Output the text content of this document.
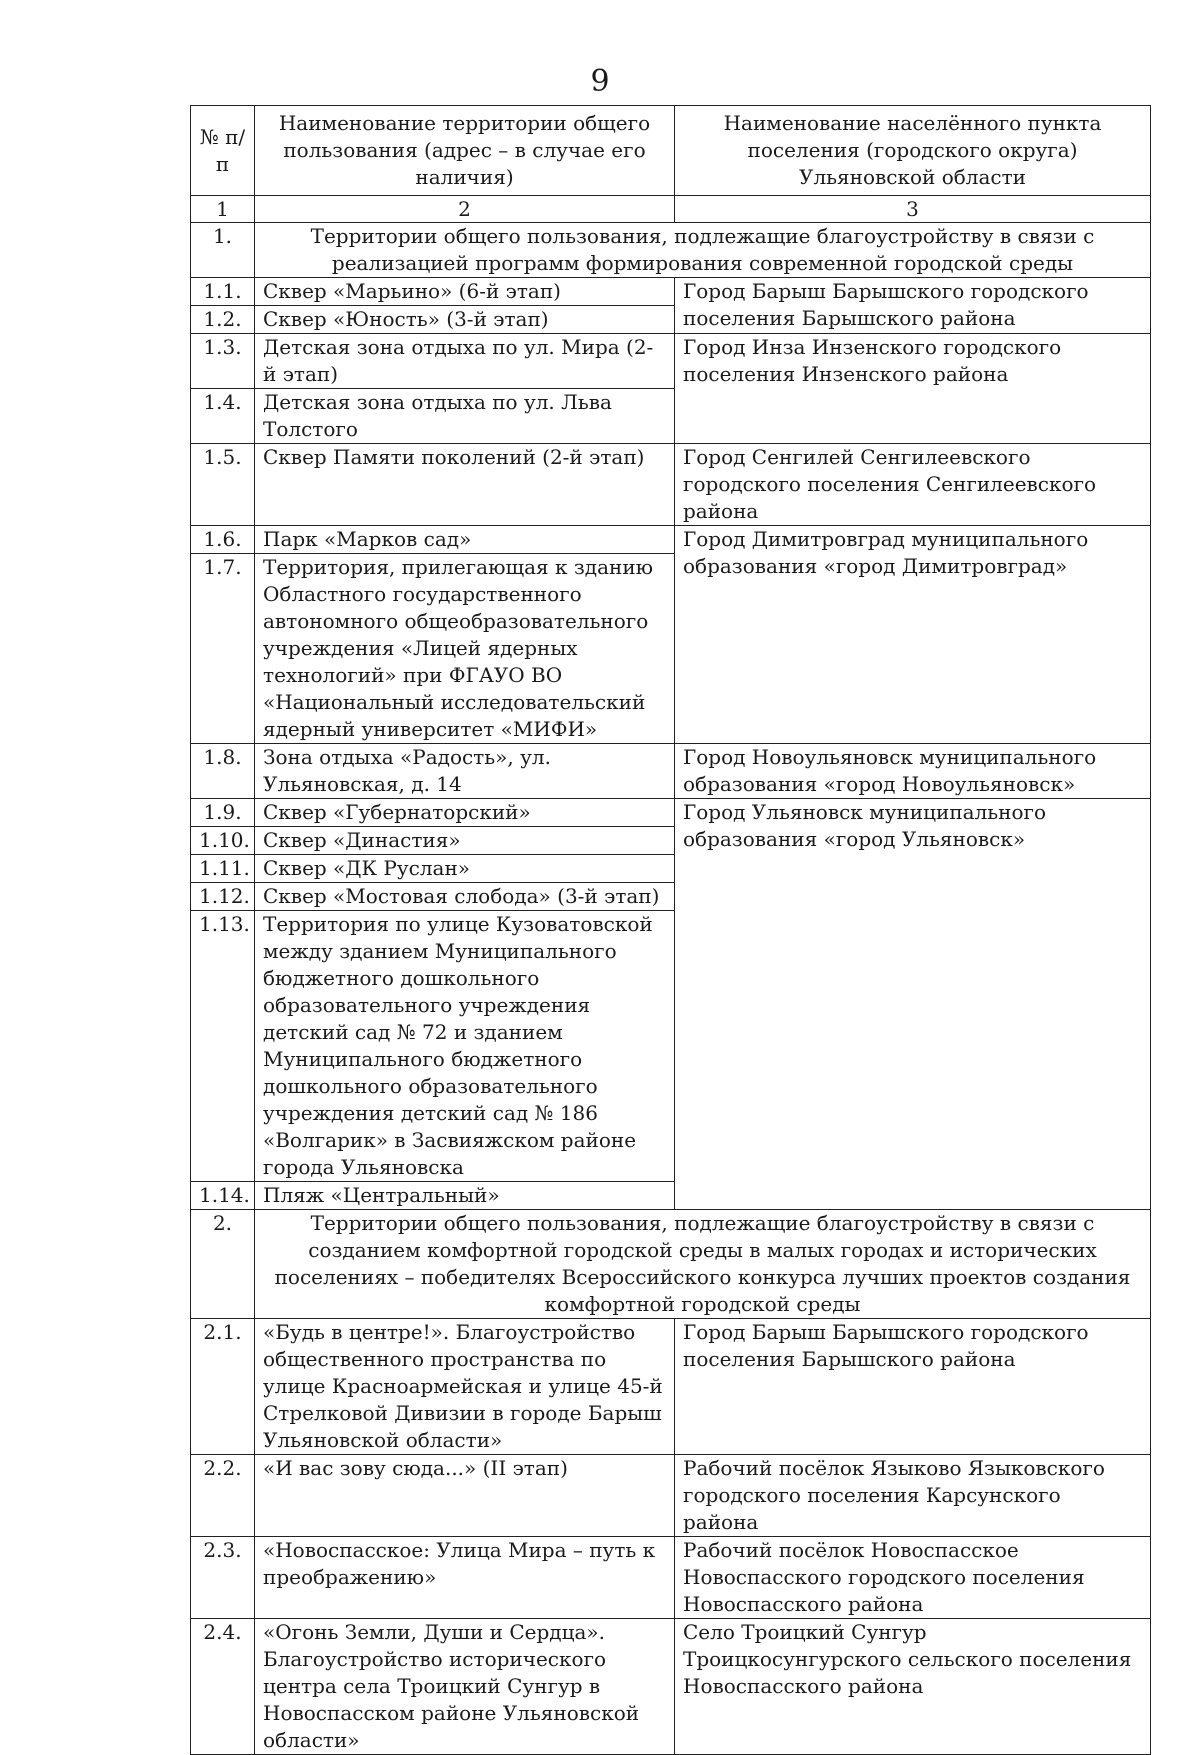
9
№ п/п	Наименование территории общего пользования (адрес – в случае его наличия)	Наименование населённого пункта поселения (городского округа) Ульяновской области
1	2	3
1.	Территории общего пользования, подлежащие благоустройству в связи с реализацией программ формирования современной городской среды	
1.1.	Сквер «Марьино» (6-й этап)	Город Барыш Барышского городского поселения Барышского района
1.2.	Сквер «Юность» (3-й этап)	
1.3.	Детская зона отдыха по ул. Мира (2-й этап)	Город Инза Инзенского городского поселения Инзенского района
1.4.	Детская зона отдыха по ул. Льва Толстого	
1.5.	Сквер Памяти поколений (2-й этап)	Город Сенгилей Сенгилеевского городского поселения Сенгилеевского района
1.6.	Парк «Марков сад»	Город Димитровград муниципального образования «город Димитровград»
1.7.	Территория, прилегающая к зданию Областного государственного автономного общеобразовательного учреждения «Лицей ядерных технологий» при ФГАУО ВО «Национальный исследовательский ядерный университет «МИФИ»	
1.8.	Зона отдыха «Радость», ул. Ульяновская, д. 14	Город Новоульяновск муниципального образования «город Новоульяновск»
1.9.	Сквер «Губернаторский»	Город Ульяновск муниципального образования «город Ульяновск»
1.10.	Сквер «Династия»	
1.11.	Сквер «ДК Руслан»	
1.12.	Сквер «Мостовая слобода» (3-й этап)	
1.13.	Территория по улице Кузоватовской между зданием Муниципального бюджетного дошкольного образовательного учреждения детский сад № 72 и зданием Муниципального бюджетного дошкольного образовательного учреждения детский сад № 186 «Волгарик» в Засвияжском районе города Ульяновска	
1.14.	Пляж «Центральный»	
2.	Территории общего пользования, подлежащие благоустройству в связи с созданием комфортной городской среды в малых городах и исторических поселениях – победителях Всероссийского конкурса лучших проектов создания комфортной городской среды	
2.1.	«Будь в центре!». Благоустройство общественного пространства по улице Красноармейская и улице 45-й Стрелковой Дивизии в городе Барыш Ульяновской области»	Город Барыш Барышского городского поселения Барышского района
2.2.	«И вас зову сюда...» (II этап)	Рабочий посёлок Языково Языковского городского поселения Карсунского района
2.3.	«Новоспасское: Улица Мира – путь к преображению»	Рабочий посёлок Новоспасское Новоспасского городского поселения Новоспасского района
2.4.	«Огонь Земли, Души и Сердца». Благоустройство исторического центра села Троицкий Сунгур в Новоспасском районе Ульяновской области»	Село Троицкий Сунгур Троицкосунгурского сельского поселения Новоспасского района
